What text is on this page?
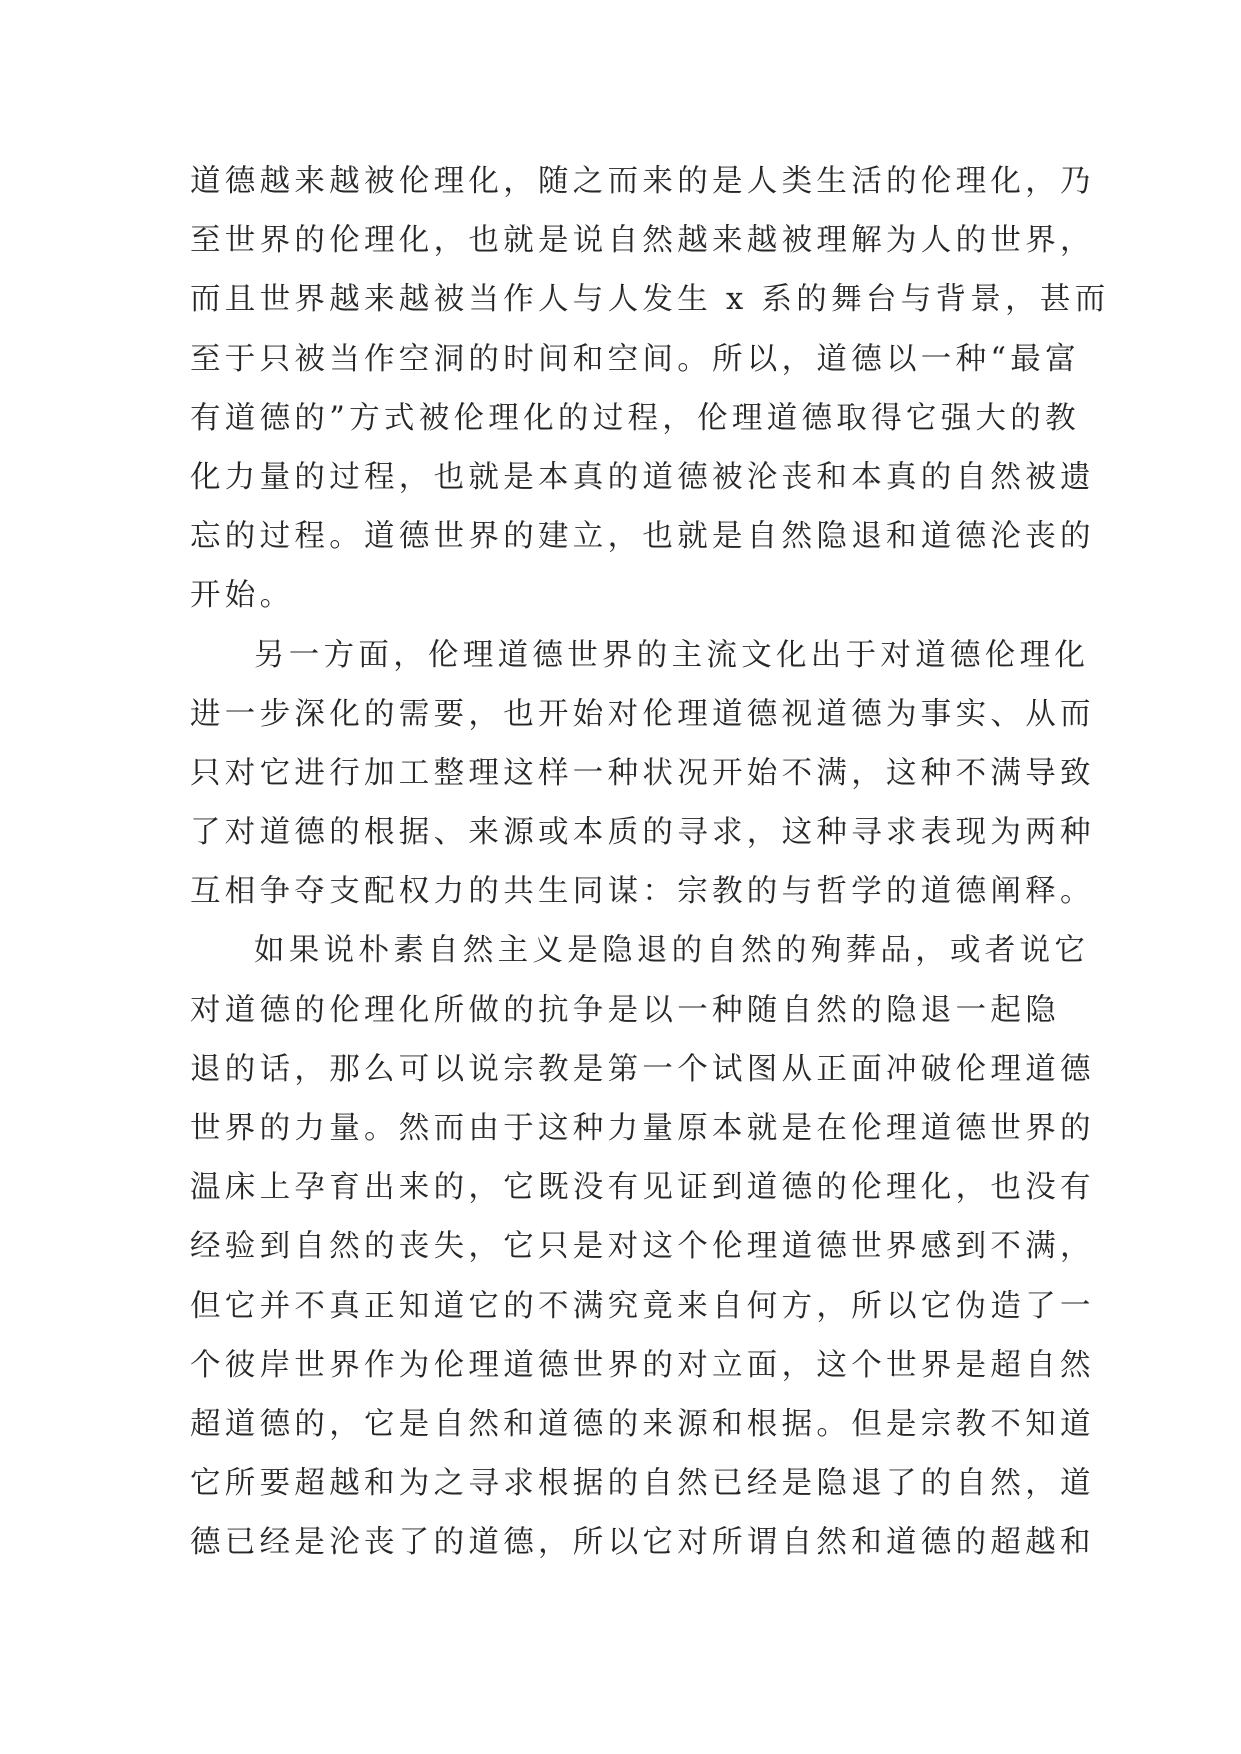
道德越来越被伦理化，随之而来的是人类生活的伦理化，乃
至世界的伦理化，也就是说自然越来越被理解为人的世界，
而且世界越来越被当作人与人发生 x 系的舞台与背景，甚而
至于只被当作空洞的时间和空间。所以，道德以一种“最富
有道德的”方式被伦理化的过程，伦理道德取得它强大的教
化力量的过程，也就是本真的道德被沦丧和本真的自然被遗
忘的过程。道德世界的建立，也就是自然隐退和道德沦丧的
开始。
另一方面，伦理道德世界的主流文化出于对道德伦理化
进一步深化的需要，也开始对伦理道德视道德为事实、从而
只对它进行加工整理这样一种状况开始不满，这种不满导致
了对道德的根据、来源或本质的寻求，这种寻求表现为两种
互相争夺支配权力的共生同谋：宗教的与哲学的道德阐释。
如果说朴素自然主义是隐退的自然的殉葬品，或者说它
对道德的伦理化所做的抗争是以一种随自然的隐退一起隐
退的话，那么可以说宗教是第一个试图从正面冲破伦理道德
世界的力量。然而由于这种力量原本就是在伦理道德世界的
温床上孕育出来的，它既没有见证到道德的伦理化，也没有
经验到自然的丧失，它只是对这个伦理道德世界感到不满，
但它并不真正知道它的不满究竟来自何方，所以它伪造了一
个彼岸世界作为伦理道德世界的对立面，这个世界是超自然
超道德的，它是自然和道德的来源和根据。但是宗教不知道
它所要超越和为之寻求根据的自然已经是隐退了的自然，道
德已经是沦丧了的道德，所以它对所谓自然和道德的超越和
